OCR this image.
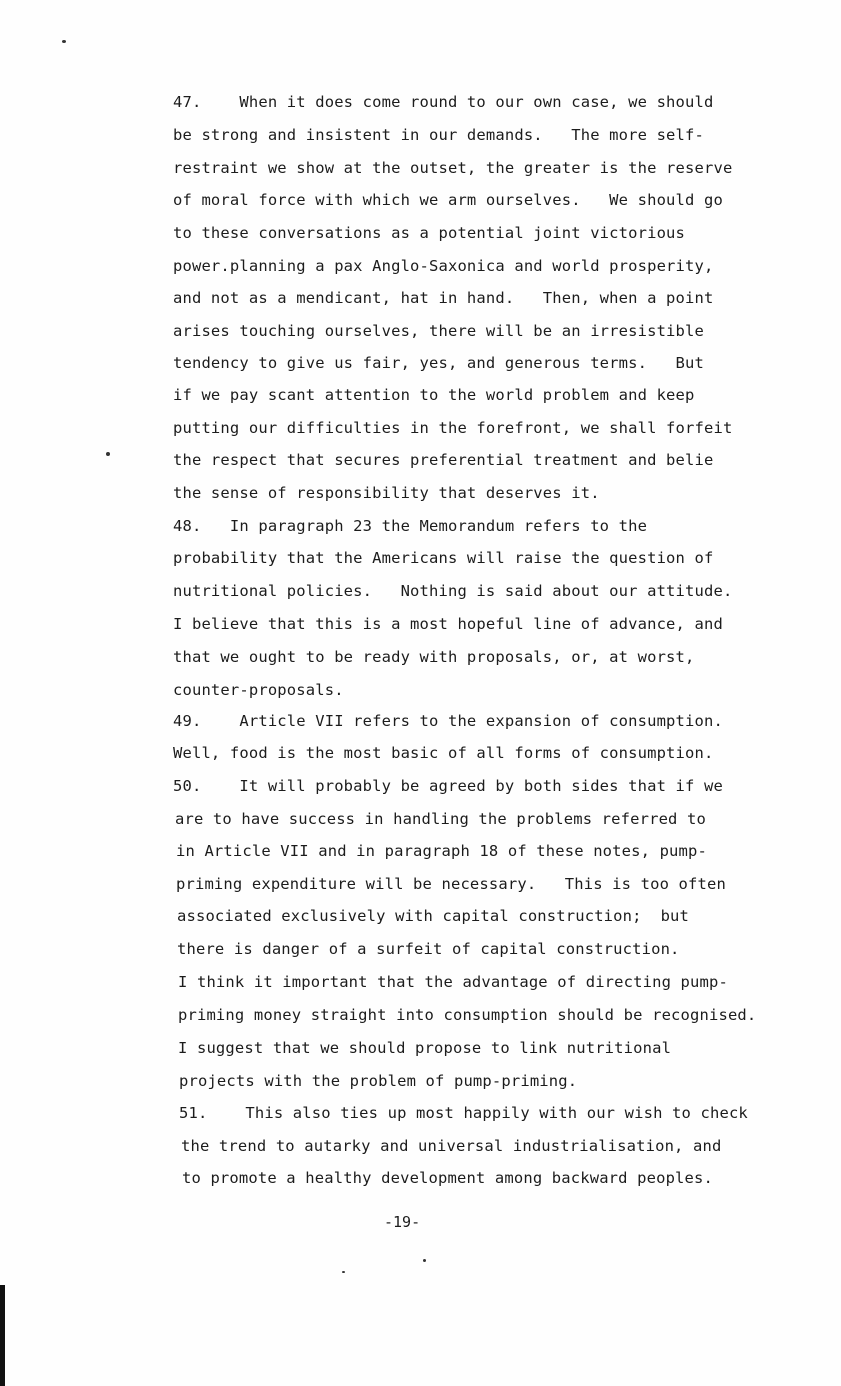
47.    When it does come round to our own case, we should
be strong and insistent in our demands.   The more self-
restraint we show at the outset, the greater is the reserve
of moral force with which we arm ourselves.   We should go
to these conversations as a potential joint victorious
power.planning a pax Anglo-Saxonica and world prosperity,
and not as a mendicant, hat in hand.   Then, when a point
arises touching ourselves, there will be an irresistible
tendency to give us fair, yes, and generous terms.   But
if we pay scant attention to the world problem and keep
putting our difficulties in the forefront, we shall forfeit
the respect that secures preferential treatment and belie
the sense of responsibility that deserves it.
48.   In paragraph 23 the Memorandum refers to the
probability that the Americans will raise the question of
nutritional policies.   Nothing is said about our attitude.
I believe that this is a most hopeful line of advance, and
that we ought to be ready with proposals, or, at worst,
counter-proposals.
49.    Article VII refers to the expansion of consumption.
Well, food is the most basic of all forms of consumption.
50.    It will probably be agreed by both sides that if we
are to have success in handling the problems referred to
in Article VII and in paragraph 18 of these notes, pump-
priming expenditure will be necessary.   This is too often
associated exclusively with capital construction;  but
there is danger of a surfeit of capital construction.
I think it important that the advantage of directing pump-
priming money straight into consumption should be recognised.
I suggest that we should propose to link nutritional
projects with the problem of pump-priming.
51.    This also ties up most happily with our wish to check
the trend to autarky and universal industrialisation, and
to promote a healthy development among backward peoples.
-19-
